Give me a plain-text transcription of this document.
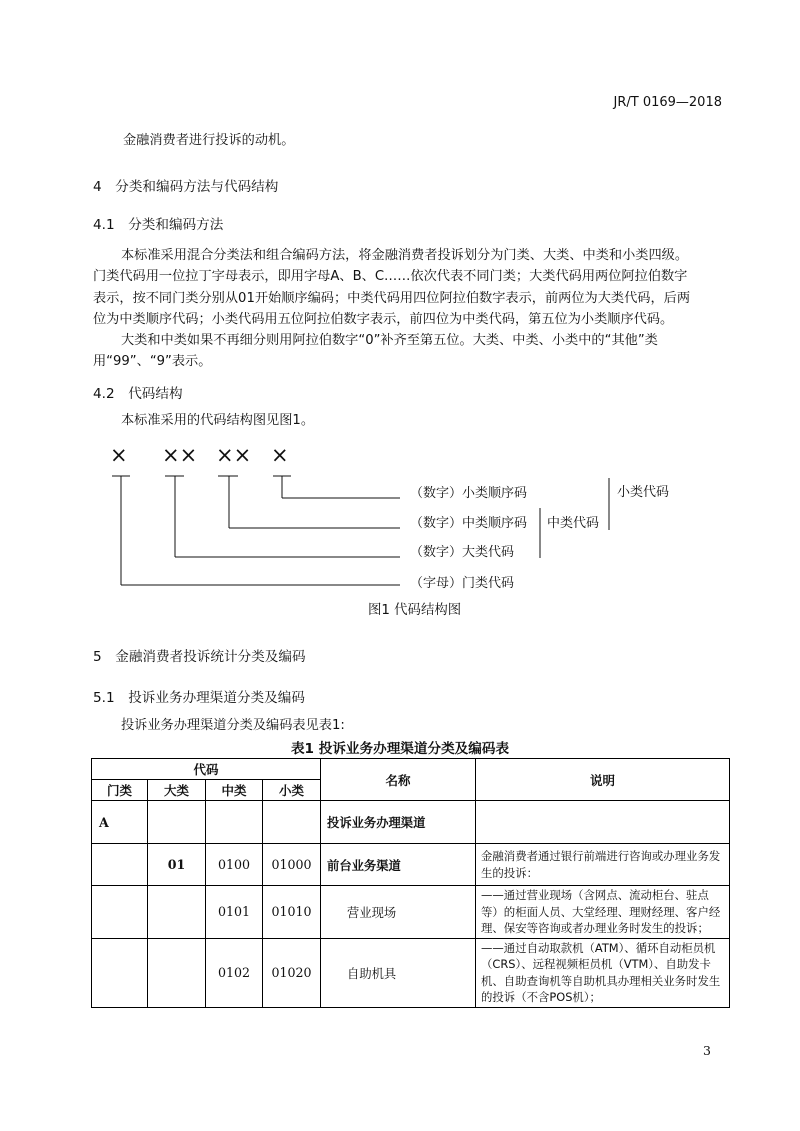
JR/T 0169—2018
金融消费者进行投诉的动机。
4　分类和编码方法与代码结构
4.1　分类和编码方法
本标准采用混合分类法和组合编码方法，将金融消费者投诉划分为门类、大类、中类和小类四级。
门类代码用一位拉丁字母表示，即用字母A、B、C……依次代表不同门类；大类代码用两位阿拉伯数字
表示，按不同门类分别从01开始顺序编码；中类代码用四位阿拉伯数字表示，前两位为大类代码，后两
位为中类顺序代码；小类代码用五位阿拉伯数字表示，前四位为中类代码，第五位为小类顺序代码。
大类和中类如果不再细分则用阿拉伯数字“0”补齐至第五位。大类、中类、小类中的“其他”类
用“99”、“9”表示。
4.2　代码结构
本标准采用的代码结构图见图1。
× ×× ×× ×
（数字）小类顺序码
（数字）中类顺序码
（数字）大类代码
（字母）门类代码
中类代码
小类代码
图1 代码结构图
5　金融消费者投诉统计分类及编码
5.1　投诉业务办理渠道分类及编码
投诉业务办理渠道分类及编码表见表1:
表1 投诉业务办理渠道分类及编码表
代码				名称	说明
门类	大类	中类	小类		
A				投诉业务办理渠道	
	01	0100	01000	前台业务渠道	金融消费者通过银行前端进行咨询或办理业务发生的投诉：
		0101	01010	营业现场	——通过营业现场（含网点、流动柜台、驻点等）的柜面人员、大堂经理、理财经理、客户经理、保安等咨询或者办理业务时发生的投诉；
		0102	01020	自助机具	——通过自动取款机（ATM）、循环自动柜员机（CRS）、远程视频柜员机（VTM）、自助发卡机、自助查询机等自助机具办理相关业务时发生的投诉（不含POS机）；
3
